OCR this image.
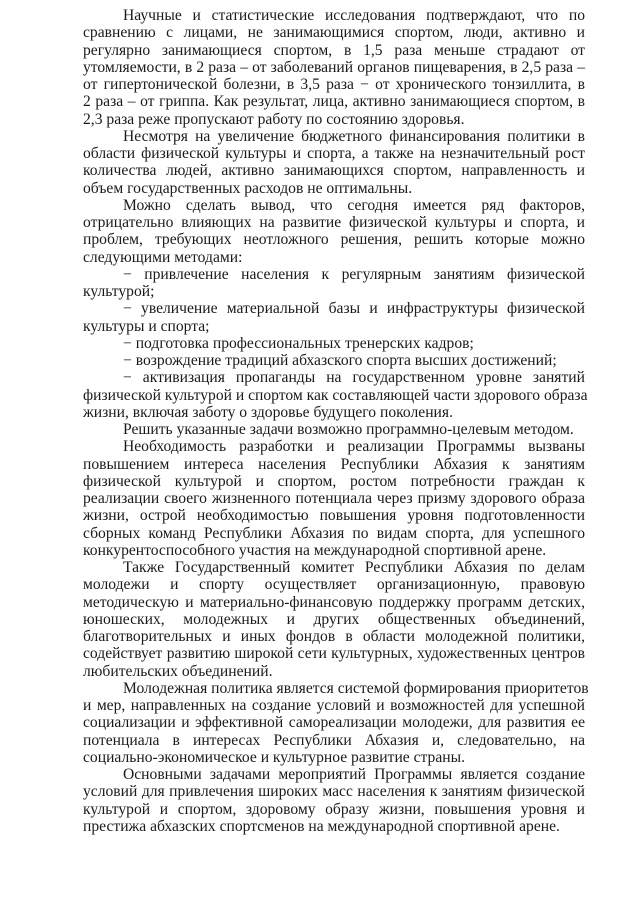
Научные и статистические исследования подтверждают, что по
сравнению с лицами, не занимающимися спортом, люди, активно и
регулярно занимающиеся спортом, в 1,5 раза меньше страдают от
утомляемости, в 2 раза – от заболеваний органов пищеварения, в 2,5 раза –
от гипертонической болезни, в 3,5 раза − от хронического тонзиллита, в
2 раза – от гриппа. Как результат, лица, активно занимающиеся спортом, в
2,3 раза реже пропускают работу по состоянию здоровья.
Несмотря на увеличение бюджетного финансирования политики в
области физической культуры и спорта, а также на незначительный рост
количества людей, активно занимающихся спортом, направленность и
объем государственных расходов не оптимальны.
Можно сделать вывод, что сегодня имеется ряд факторов,
отрицательно влияющих на развитие физической культуры и спорта, и
проблем, требующих неотложного решения, решить которые можно
следующими методами:
− привлечение населения к регулярным занятиям физической
культурой;
− увеличение материальной базы и инфраструктуры физической
культуры и спорта;
− подготовка профессиональных тренерских кадров;
− возрождение традиций абхазского спорта высших достижений;
− активизация пропаганды на государственном уровне занятий
физической культурой и спортом как составляющей части здорового образа
жизни, включая заботу о здоровье будущего поколения.
Решить указанные задачи возможно программно-целевым методом.
Необходимость разработки и реализации Программы вызваны
повышением интереса населения Республики Абхазия к занятиям
физической культурой и спортом, ростом потребности граждан к
реализации своего жизненного потенциала через призму здорового образа
жизни, острой необходимостью повышения уровня подготовленности
сборных команд Республики Абхазия по видам спорта, для успешного
конкурентоспособного участия на международной спортивной арене.
Также Государственный комитет Республики Абхазия по делам
молодежи и спорту осуществляет организационную, правовую
методическую и материально-финансовую поддержку программ детских,
юношеских, молодежных и других общественных объединений,
благотворительных и иных фондов в области молодежной политики,
содействует развитию широкой сети культурных, художественных центров
любительских объединений.
Молодежная политика является системой формирования приоритетов
и мер, направленных на создание условий и возможностей для успешной
социализации и эффективной самореализации молодежи, для развития ее
потенциала в интересах Республики Абхазия и, следовательно, на
социально-экономическое и культурное развитие страны.
Основными задачами мероприятий Программы является создание
условий для привлечения широких масс населения к занятиям физической
культурой и спортом, здоровому образу жизни, повышения уровня и
престижа абхазских спортсменов на международной спортивной арене.
